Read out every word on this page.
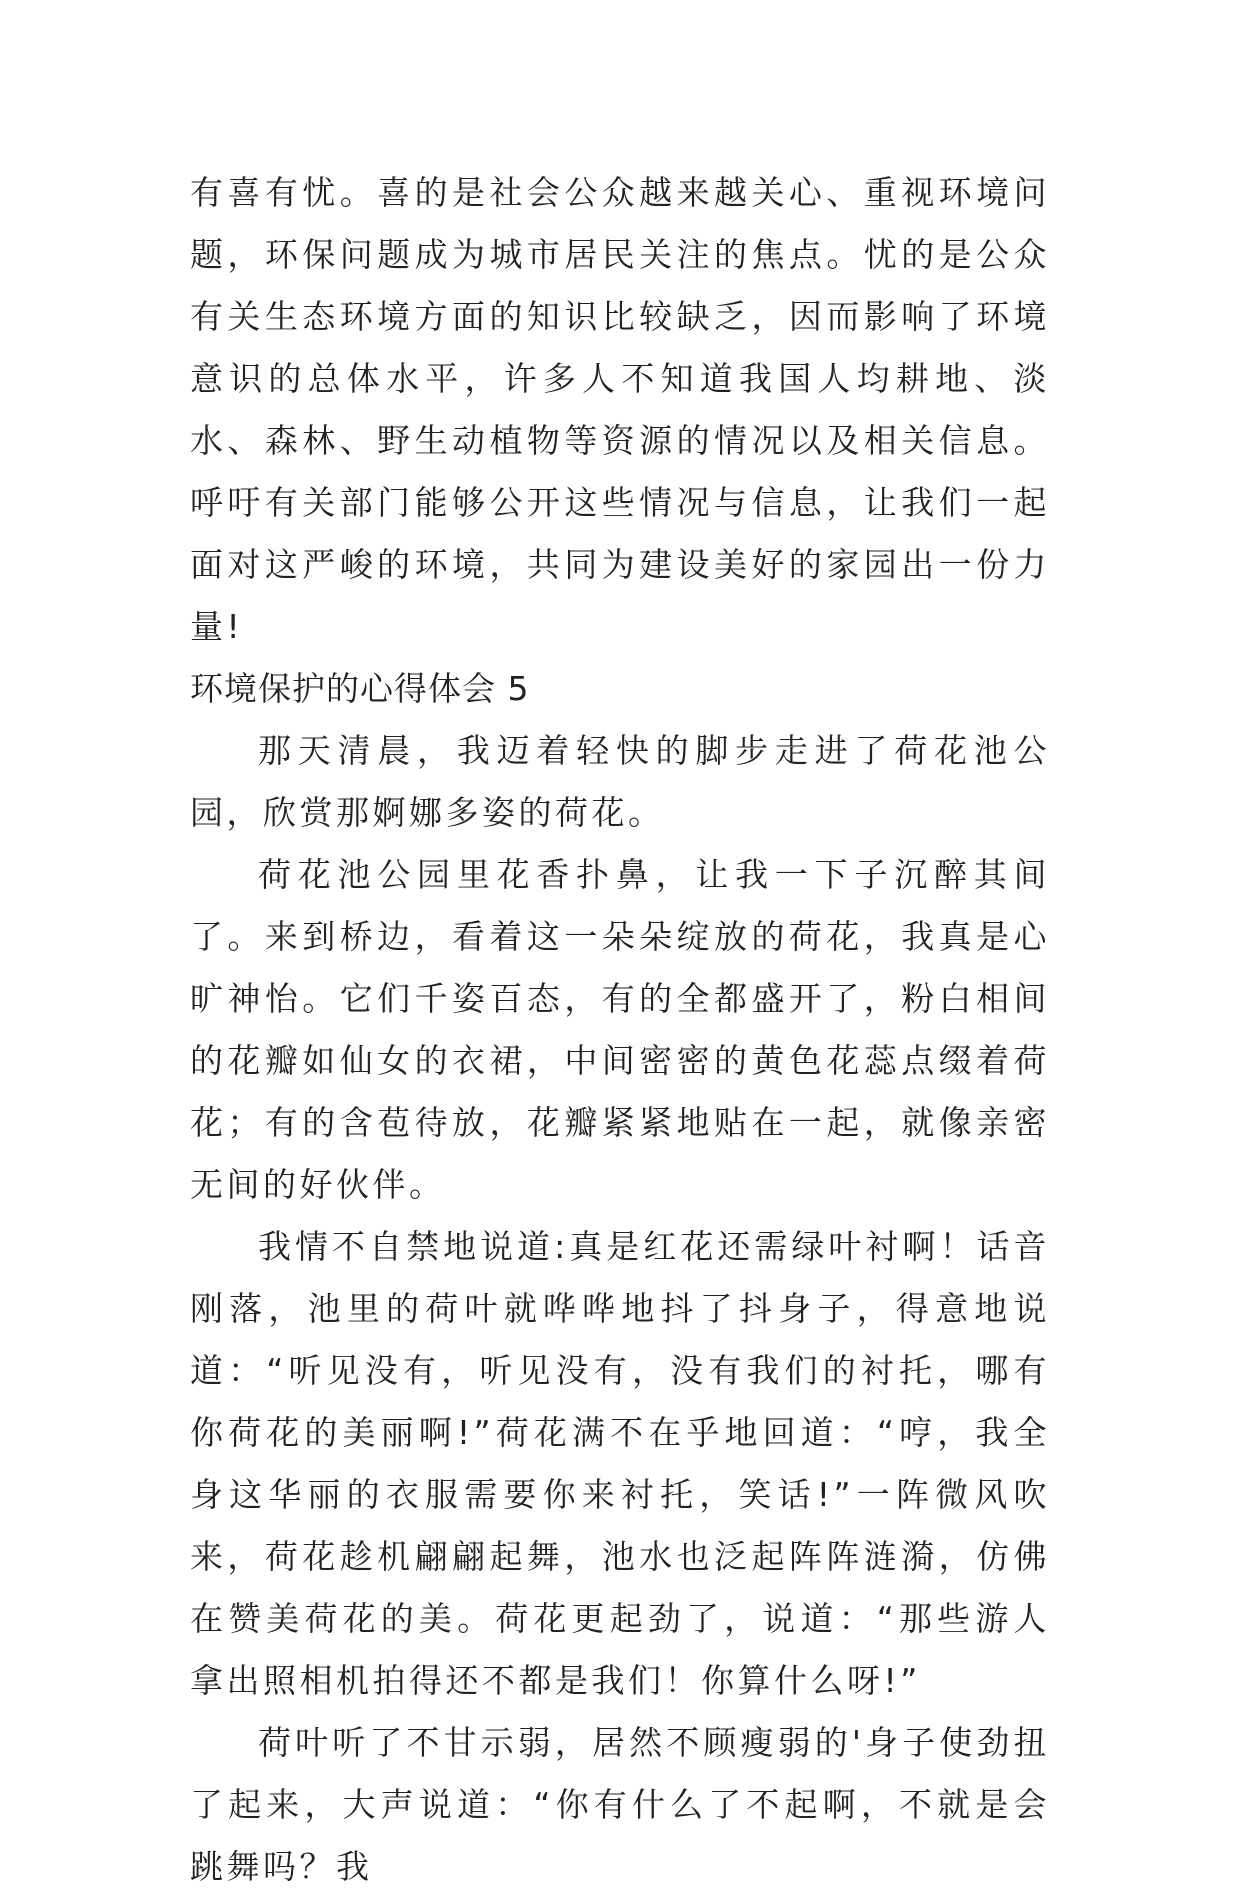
有喜有忧。喜的是社会公众越来越关心、重视环境问题，环保问题成为城市居民关注的焦点。忧的是公众有关生态环境方面的知识比较缺乏，因而影响了环境意识的总体水平，许多人不知道我国人均耕地、淡水、森林、野生动植物等资源的情况以及相关信息。呼吁有关部门能够公开这些情况与信息，让我们一起面对这严峻的环境，共同为建设美好的家园出一份力量!

环境保护的心得体会 5

那天清晨，我迈着轻快的脚步走进了荷花池公园，欣赏那婀娜多姿的荷花。

荷花池公园里花香扑鼻，让我一下子沉醉其间了。来到桥边，看着这一朵朵绽放的荷花，我真是心旷神怡。它们千姿百态，有的全都盛开了，粉白相间的花瓣如仙女的衣裙，中间密密的黄色花蕊点缀着荷花；有的含苞待放，花瓣紧紧地贴在一起，就像亲密无间的好伙伴。

我情不自禁地说道:真是红花还需绿叶衬啊！话音刚落，池里的荷叶就哗哗地抖了抖身子，得意地说道：“听见没有，听见没有，没有我们的衬托，哪有你荷花的美丽啊!”荷花满不在乎地回道：“哼，我全身这华丽的衣服需要你来衬托，笑话!”一阵微风吹来，荷花趁机翩翩起舞，池水也泛起阵阵涟漪，仿佛在赞美荷花的美。荷花更起劲了，说道：“那些游人拿出照相机拍得还不都是我们！你算什么呀!”

荷叶听了不甘示弱，居然不顾瘦弱的'身子使劲扭了起来，大声说道：“你有什么了不起啊，不就是会跳舞吗？我
